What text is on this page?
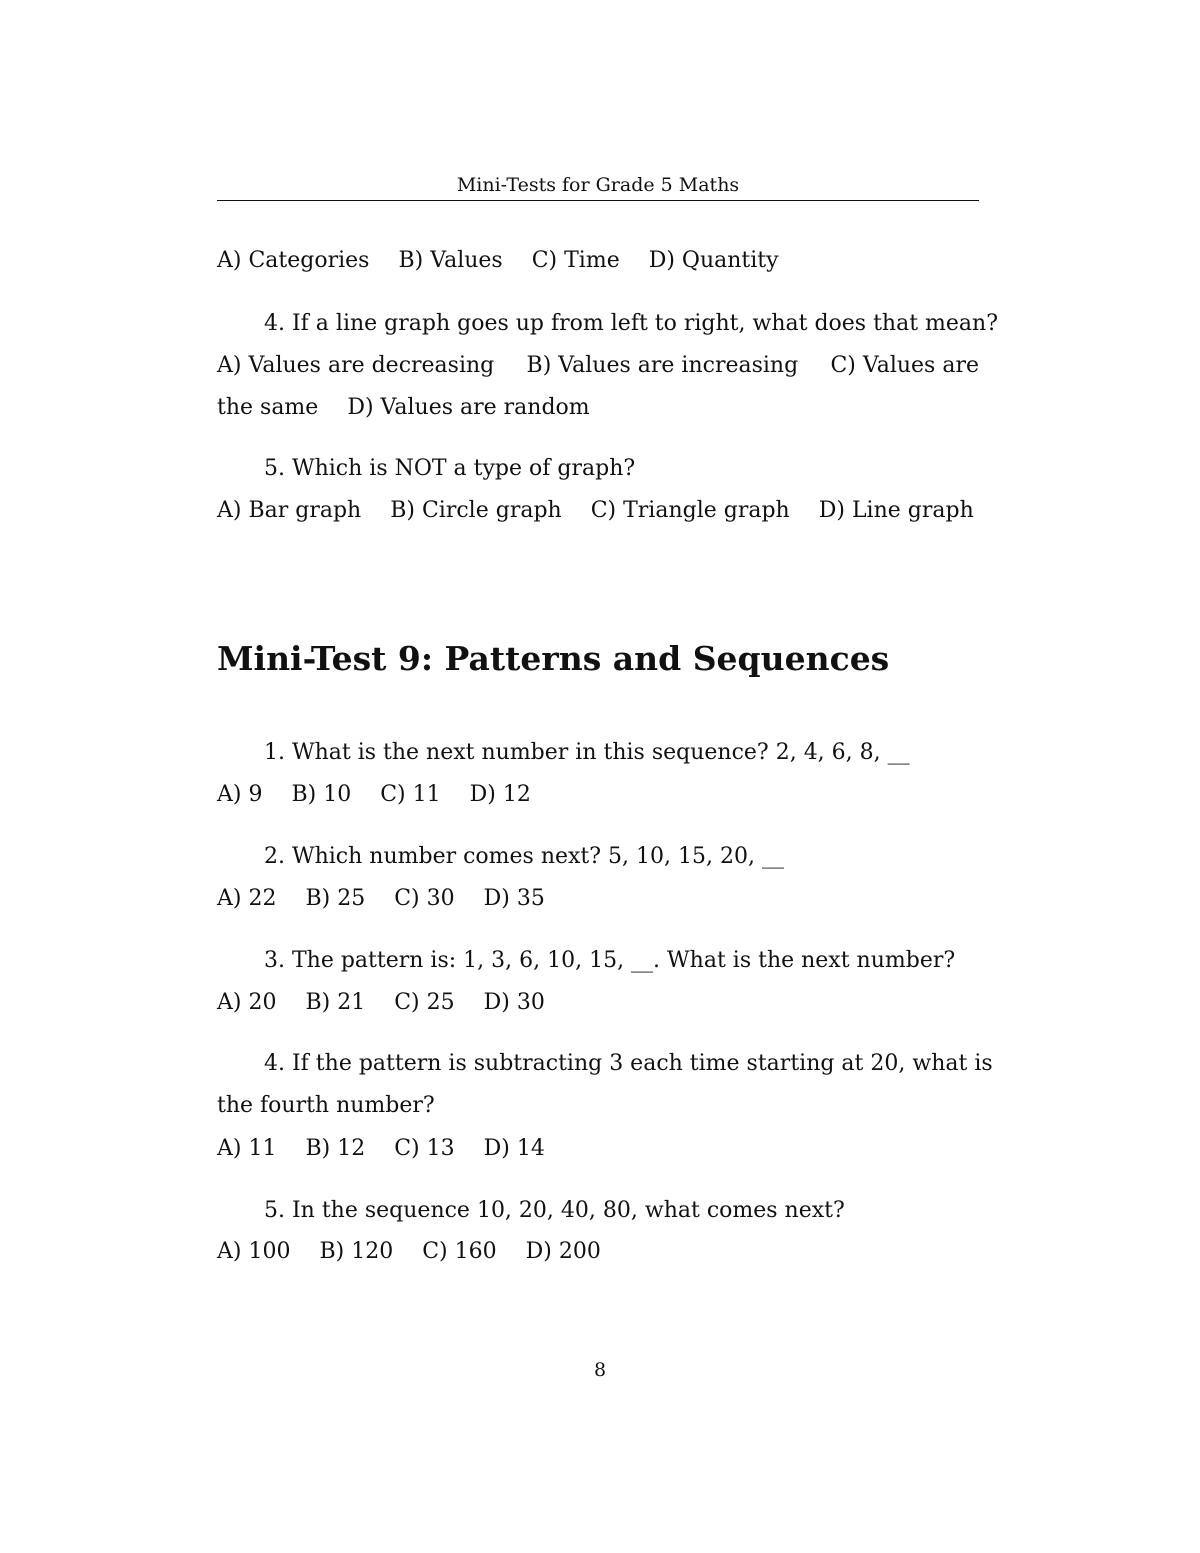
Mini-Tests for Grade 5 Maths
A) Categories B) Values C) Time D) Quantity
4. If a line graph goes up from left to right, what does that mean?
A) Values are decreasing B) Values are increasing C) Values are
the same D) Values are random
5. Which is NOT a type of graph?
A) Bar graph B) Circle graph C) Triangle graph D) Line graph
Mini-Test 9: Patterns and Sequences
1. What is the next number in this sequence? 2, 4, 6, 8, __
A) 9 B) 10 C) 11 D) 12
2. Which number comes next? 5, 10, 15, 20, __
A) 22 B) 25 C) 30 D) 35
3. The pattern is: 1, 3, 6, 10, 15, __. What is the next number?
A) 20 B) 21 C) 25 D) 30
4. If the pattern is subtracting 3 each time starting at 20, what is
the fourth number?
A) 11 B) 12 C) 13 D) 14
5. In the sequence 10, 20, 40, 80, what comes next?
A) 100 B) 120 C) 160 D) 200
8
